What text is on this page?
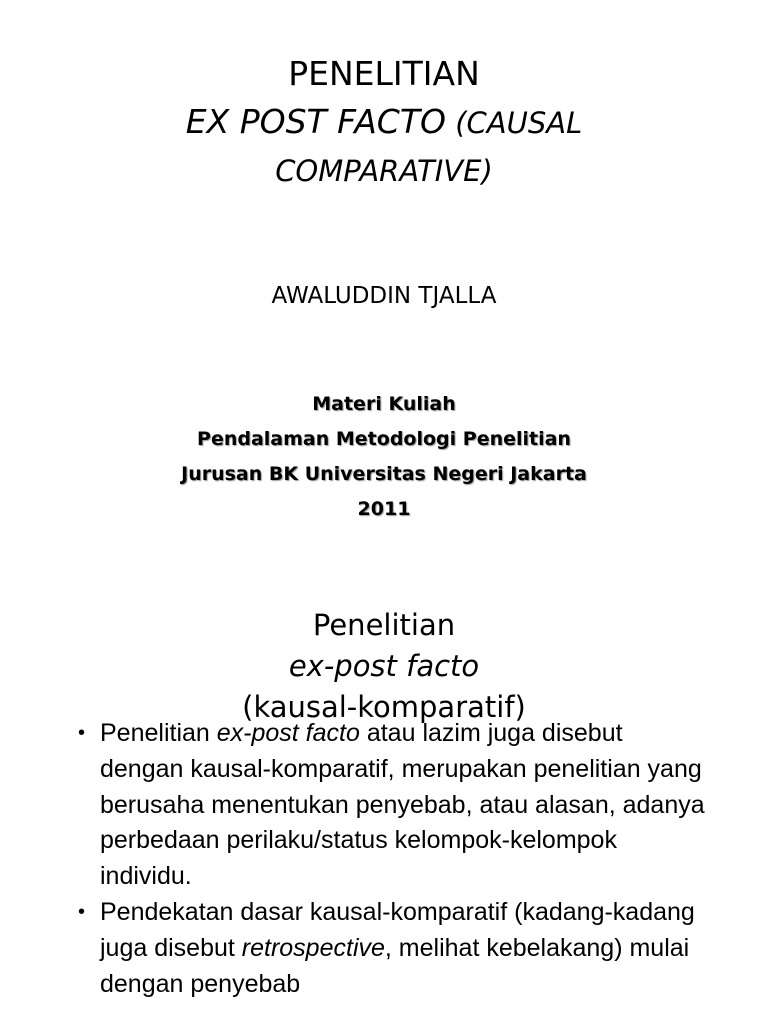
PENELITIAN
EX POST FACTO (CAUSAL
COMPARATIVE)
AWALUDDIN TJALLA
Materi Kuliah
Pendalaman Metodologi Penelitian
Jurusan BK Universitas Negeri Jakarta
2011
Penelitian
ex-post facto
(kausal-komparatif)
• Penelitian ex-post facto atau lazim juga disebut dengan kausal-komparatif, merupakan penelitian yang berusaha menentukan penyebab, atau alasan, adanya perbedaan perilaku/status kelompok-kelompok individu.
• Pendekatan dasar kausal-komparatif (kadang-kadang juga disebut retrospective, melihat kebelakang) mulai dengan penyebab
